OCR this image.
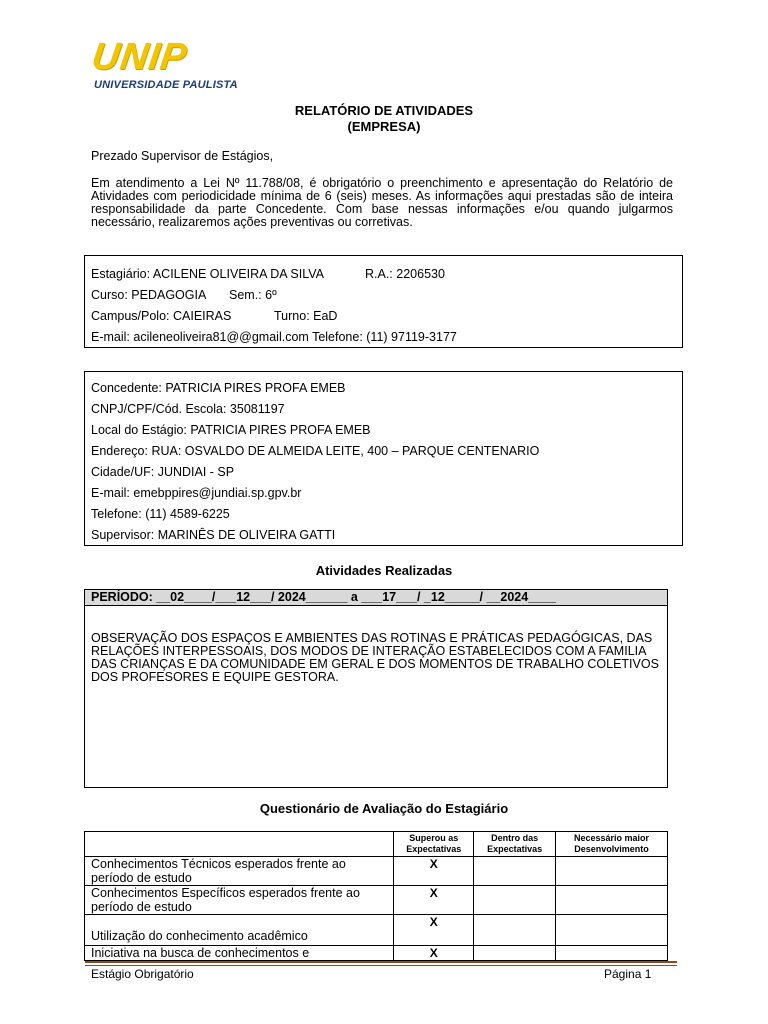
UNIP
UNIVERSIDADE PAULISTA
RELATÓRIO DE ATIVIDADES
(EMPRESA)
Prezado Supervisor de Estágios,
Em atendimento a Lei Nº 11.788/08, é obrigatório o preenchimento e apresentação do Relatório de Atividades com periodicidade mínima de 6 (seis) meses. As informações aqui prestadas são de inteira responsabilidade da parte Concedente. Com base nessas informações e/ou quando julgarmos necessário, realizaremos ações preventivas ou corretivas.
Estagiário: ACILENE OLIVEIRA DA SILVA	R.A.: 2206530
Curso: PEDAGOGIA Sem.: 6º
Campus/Polo: CAIEIRAS	Turno: EaD
E-mail: acileneoliveira81@@gmail.com Telefone: (11) 97119-3177
Concedente: PATRICIA PIRES PROFA EMEB
CNPJ/CPF/Cód. Escola: 35081197
Local do Estágio: PATRICIA PIRES PROFA EMEB
Endereço: RUA: OSVALDO DE ALMEIDA LEITE, 400 – PARQUE CENTENARIO
Cidade/UF: JUNDIAI - SP
E-mail: emebppires@jundiai.sp.gpv.br
Telefone: (11) 4589-6225
Supervisor: MARINÊS DE OLIVEIRA GATTI
Atividades Realizadas
PERÍODO: __02____/___12___/ 2024______ a ___17___/ _12_____/ __2024____
OBSERVAÇÃO DOS ESPAÇOS E AMBIENTES DAS ROTINAS E PRÁTICAS PEDAGÓGICAS, DAS RELAÇÕES INTERPESSOAIS, DOS MODOS DE INTERAÇÃO ESTABELECIDOS COM A FAMILIA DAS CRIANÇAS E DA COMUNIDADE EM GERAL E DOS MOMENTOS DE TRABALHO COLETIVOS DOS PROFESORES E EQUIPE GESTORA.
Questionário de Avaliação do Estagiário
	Superou as Expectativas	Dentro das Expectativas	Necessário maior Desenvolvimento
Conhecimentos Técnicos esperados frente ao período de estudo	X		
Conhecimentos Específicos esperados frente ao período de estudo	X		
Utilização do conhecimento acadêmico	X		
Iniciativa na busca de conhecimentos e	X		
Estágio Obrigatório	Página 1
